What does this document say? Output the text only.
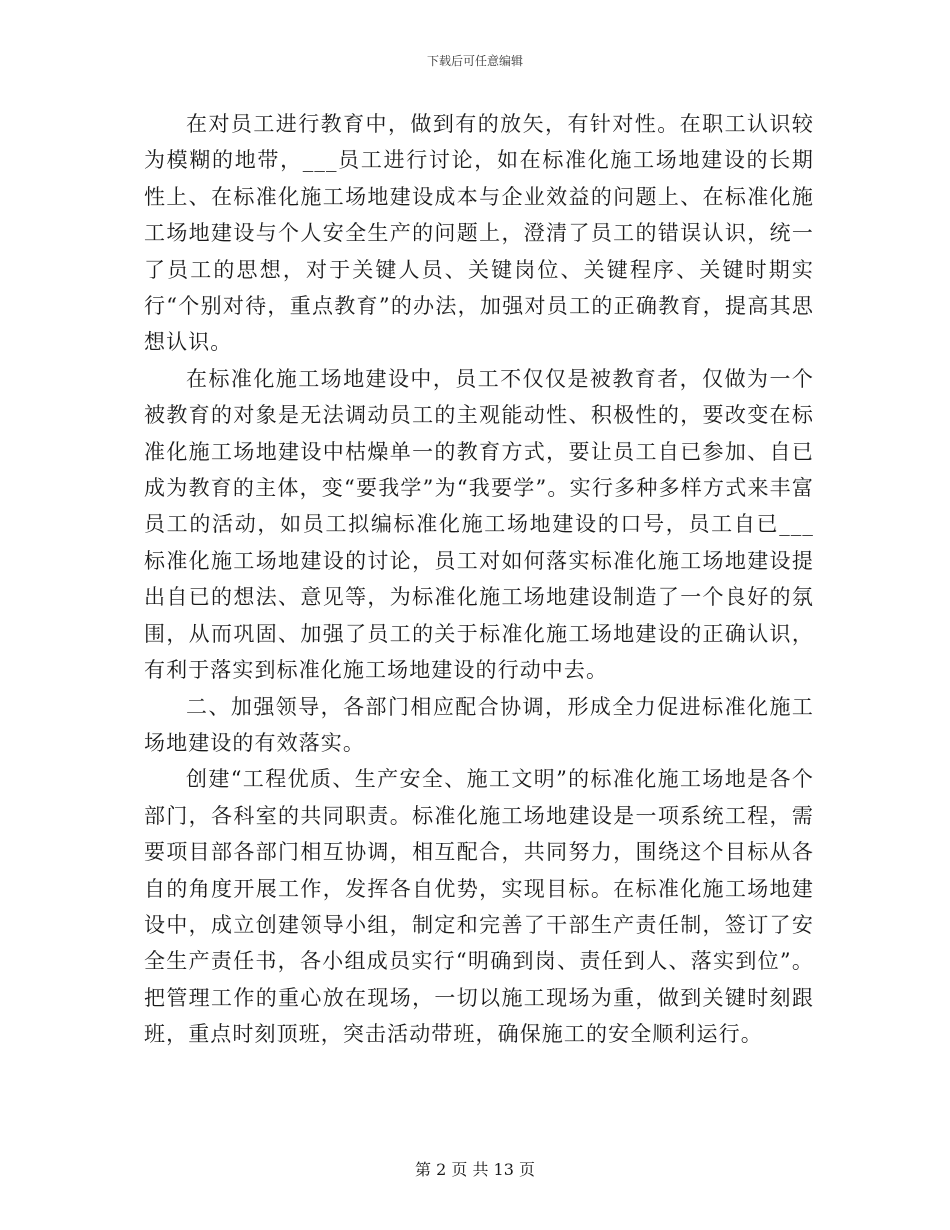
下载后可任意编辑

在对员工进行教育中，做到有的放矢，有针对性。在职工认识较为模糊的地带，___员工进行讨论，如在标准化施工场地建设的长期性上、在标准化施工场地建设成本与企业效益的问题上、在标准化施工场地建设与个人安全生产的问题上，澄清了员工的错误认识，统一了员工的思想，对于关键人员、关键岗位、关键程序、关键时期实行“个别对待，重点教育”的办法，加强对员工的正确教育，提高其思想认识。

在标准化施工场地建设中，员工不仅仅是被教育者，仅做为一个被教育的对象是无法调动员工的主观能动性、积极性的，要改变在标准化施工场地建设中枯燥单一的教育方式，要让员工自已参加、自已成为教育的主体，变“要我学”为“我要学”。实行多种多样方式来丰富员工的活动，如员工拟编标准化施工场地建设的口号，员工自已___标准化施工场地建设的讨论，员工对如何落实标准化施工场地建设提出自已的想法、意见等，为标准化施工场地建设制造了一个良好的氛围，从而巩固、加强了员工的关于标准化施工场地建设的正确认识，有利于落实到标准化施工场地建设的行动中去。

二、加强领导，各部门相应配合协调，形成全力促进标准化施工场地建设的有效落实。

创建“工程优质、生产安全、施工文明”的标准化施工场地是各个部门，各科室的共同职责。标准化施工场地建设是一项系统工程，需要项目部各部门相互协调，相互配合，共同努力，围绕这个目标从各自的角度开展工作，发挥各自优势，实现目标。在标准化施工场地建设中，成立创建领导小组，制定和完善了干部生产责任制，签订了安全生产责任书，各小组成员实行“明确到岗、责任到人、落实到位”。把管理工作的重心放在现场，一切以施工现场为重，做到关键时刻跟班，重点时刻顶班，突击活动带班，确保施工的安全顺利运行。

第 2 页 共 13 页
